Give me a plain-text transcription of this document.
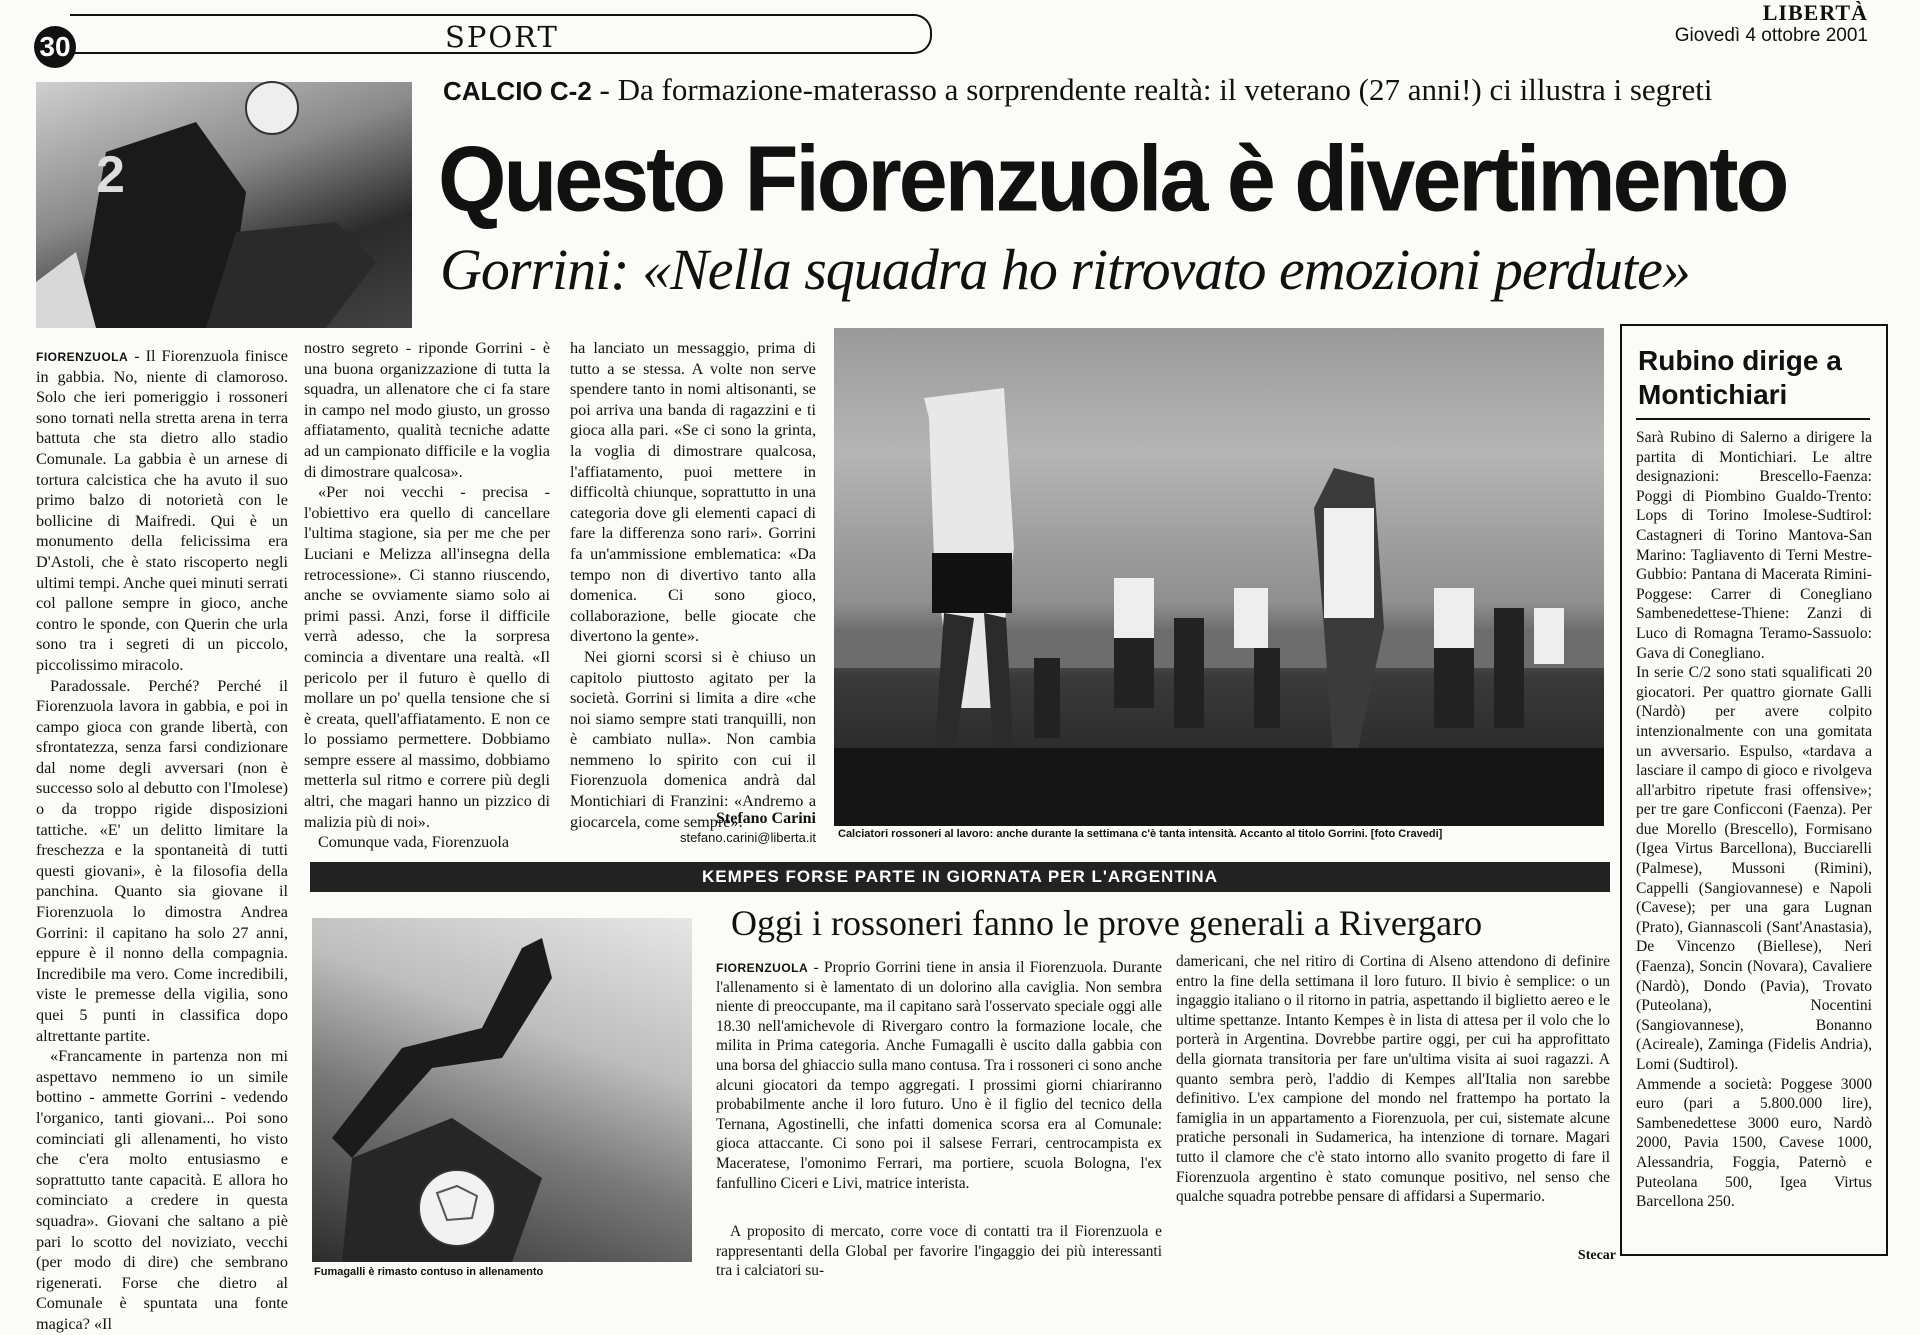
30	SPORT
LIBERTÀ
Giovedì 4 ottobre 2001
2
CALCIO C-2 - Da formazione-materasso a sorprendente realtà: il veterano (27 anni!) ci illustra i segreti
Questo Fiorenzuola è divertimento
Gorrini: «Nella squadra ho ritrovato emozioni perdute»

FIORENZUOLA - Il Fiorenzuola finisce in gabbia. No, niente di clamoroso. Solo che ieri pomeriggio i rossoneri sono tornati nella stretta arena in terra battuta che sta dietro allo stadio Comunale. La gabbia è un arnese di tortura calcistica che ha avuto il suo primo balzo di notorietà con le bollicine di Maifredi. Qui è un monumento della felicissima era D'Astoli, che è stato riscoperto negli ultimi tempi. Anche quei minuti serrati col pallone sempre in gioco, anche contro le sponde, con Querin che urla sono tra i segreti di un piccolo, piccolissimo miracolo.

Paradossale. Perché? Perché il Fiorenzuola lavora in gabbia, e poi in campo gioca con grande libertà, con sfrontatezza, senza farsi condizionare dal nome degli avversari (non è successo solo al debutto con l'Imolese) o da troppo rigide disposizioni tattiche. «E' un delitto limitare la freschezza e la spontaneità di tutti questi giovani», è la filosofia della panchina. Quanto sia giovane il Fiorenzuola lo dimostra Andrea Gorrini: il capitano ha solo 27 anni, eppure è il nonno della compagnia. Incredibile ma vero. Come incredibili, viste le premesse della vigilia, sono quei 5 punti in classifica dopo altrettante partite.

«Francamente in partenza non mi aspettavo nemmeno io un simile bottino - ammette Gorrini - vedendo l'organico, tanti giovani... Poi sono cominciati gli allenamenti, ho visto che c'era molto entusiasmo e soprattutto tante capacità. E allora ho cominciato a credere in questa squadra». Giovani che saltano a piè pari lo scotto del noviziato, vecchi (per modo di dire) che sembrano rigenerati. Forse che dietro al Comunale è spuntata una fonte magica? «Il

nostro segreto - riponde Gorrini - è una buona organizzazione di tutta la squadra, un allenatore che ci fa stare in campo nel modo giusto, un grosso affiatamento, qualità tecniche adatte ad un campionato difficile e la voglia di dimostrare qualcosa».

«Per noi vecchi - precisa - l'obiettivo era quello di cancellare l'ultima stagione, sia per me che per Luciani e Melizza all'insegna della retrocessione». Ci stanno riuscendo, anche se ovviamente siamo solo ai primi passi. Anzi, forse il difficile verrà adesso, che la sorpresa comincia a diventare una realtà. «Il pericolo per il futuro è quello di mollare un po' quella tensione che si è creata, quell'affiatamento. E non ce lo possiamo permettere. Dobbiamo sempre essere al massimo, dobbiamo metterla sul ritmo e correre più degli altri, che magari hanno un pizzico di malizia più di noi».

Comunque vada, Fiorenzuola

ha lanciato un messaggio, prima di tutto a se stessa. A volte non serve spendere tanto in nomi altisonanti, se poi arriva una banda di ragazzini e ti gioca alla pari. «Se ci sono la grinta, la voglia di dimostrare qualcosa, l'affiatamento, puoi mettere in difficoltà chiunque, soprattutto in una categoria dove gli elementi capaci di fare la differenza sono rari». Gorrini fa un'ammissione emblematica: «Da tempo non di divertivo tanto alla domenica. Ci sono gioco, collaborazione, belle giocate che divertono la gente».

Nei giorni scorsi si è chiuso un capitolo piuttosto agitato per la società. Gorrini si limita a dire «che noi siamo sempre stati tranquilli, non è cambiato nulla». Non cambia nemmeno lo spirito con cui il Fiorenzuola domenica andrà dal Montichiari di Franzini: «Andremo a giocarcela, come sempre».

Stefano Carini
stefano.carini@liberta.it Calciatori rossoneri al lavoro: anche durante la settimana c'è tanta intensità. Accanto al titolo Gorrini. [foto Cravedi]
Rubino dirige a Montichiari

Sarà Rubino di Salerno a dirigere la partita di Montichiari. Le altre designazioni: Brescello-Faenza: Poggi di Piombino Gualdo-Trento: Lops di Torino Imolese-Sudtirol: Castagneri di Torino Mantova-San Marino: Tagliavento di Terni Mestre-Gubbio: Pantana di Macerata Rimini-Poggese: Carrer di Conegliano Sambenedettese-Thiene: Zanzi di Luco di Romagna Teramo-Sassuolo: Gava di Conegliano.

In serie C/2 sono stati squalificati 20 giocatori. Per quattro giornate Galli (Nardò) per avere colpito intenzionalmente con una gomitata un avversario. Espulso, «tardava a lasciare il campo di gioco e rivolgeva all'arbitro ripetute frasi offensive»; per tre gare Conficconi (Faenza). Per due Morello (Brescello), Formisano (Igea Virtus Barcellona), Bucciarelli (Palmese), Mussoni (Rimini), Cappelli (Sangiovannese) e Napoli (Cavese); per una gara Lugnan (Prato), Giannascoli (Sant'Anastasia), De Vincenzo (Biellese), Neri (Faenza), Soncin (Novara), Cavaliere (Nardò), Dondo (Pavia), Trovato (Puteolana), Nocentini (Sangiovannese), Bonanno (Acireale), Zaminga (Fidelis Andria), Lomi (Sudtirol).

Ammende a società: Poggese 3000 euro (pari a 5.800.000 lire), Sambenedettese 3000 euro, Nardò 2000, Pavia 1500, Cavese 1000, Alessandria, Foggia, Paternò e Puteolana 500, Igea Virtus Barcellona 250.

KEMPES FORSE PARTE IN GIORNATA PER L'ARGENTINA
Oggi i rossoneri fanno le prove generali a Rivergaro
Fumagalli è rimasto contuso in allenamento

FIORENZUOLA - Proprio Gorrini tiene in ansia il Fiorenzuola. Durante l'allenamento si è lamentato di un dolorino alla caviglia. Non sembra niente di preoccupante, ma il capitano sarà l'osservato speciale oggi alle 18.30 nell'amichevole di Rivergaro contro la formazione locale, che milita in Prima categoria. Anche Fumagalli è uscito dalla gabbia con una borsa del ghiaccio sulla mano contusa. Tra i rossoneri ci sono anche alcuni giocatori da tempo aggregati. I prossimi giorni chiariranno probabilmente anche il loro futuro. Uno è il figlio del tecnico della Ternana, Agostinelli, che infatti domenica scorsa era al Comunale: gioca attaccante. Ci sono poi il salsese Ferrari, centrocampista ex Maceratese, l'omonimo Ferrari, ma portiere, scuola Bologna, l'ex fanfullino Ciceri e Livi, matrice interista.

A proposito di mercato, corre voce di contatti tra il Fiorenzuola e rappresentanti della Global per favorire l'ingaggio dei più interessanti tra i calciatori su-

damericani, che nel ritiro di Cortina di Alseno attendono di definire entro la fine della settimana il loro futuro. Il bivio è semplice: o un ingaggio italiano o il ritorno in patria, aspettando il biglietto aereo e le ultime spettanze. Intanto Kempes è in lista di attesa per il volo che lo porterà in Argentina. Dovrebbe partire oggi, per cui ha approfittato della giornata transitoria per fare un'ultima visita ai suoi ragazzi. A quanto sembra però, l'addio di Kempes all'Italia non sarebbe definitivo. L'ex campione del mondo nel frattempo ha portato la famiglia in un appartamento a Fiorenzuola, per cui, sistemate alcune pratiche personali in Sudamerica, ha intenzione di tornare. Magari tutto il clamore che c'è stato intorno allo svanito progetto di fare il Fiorenzuola argentino è stato comunque positivo, nel senso che qualche squadra potrebbe pensare di affidarsi a Supermario.

Stecar
